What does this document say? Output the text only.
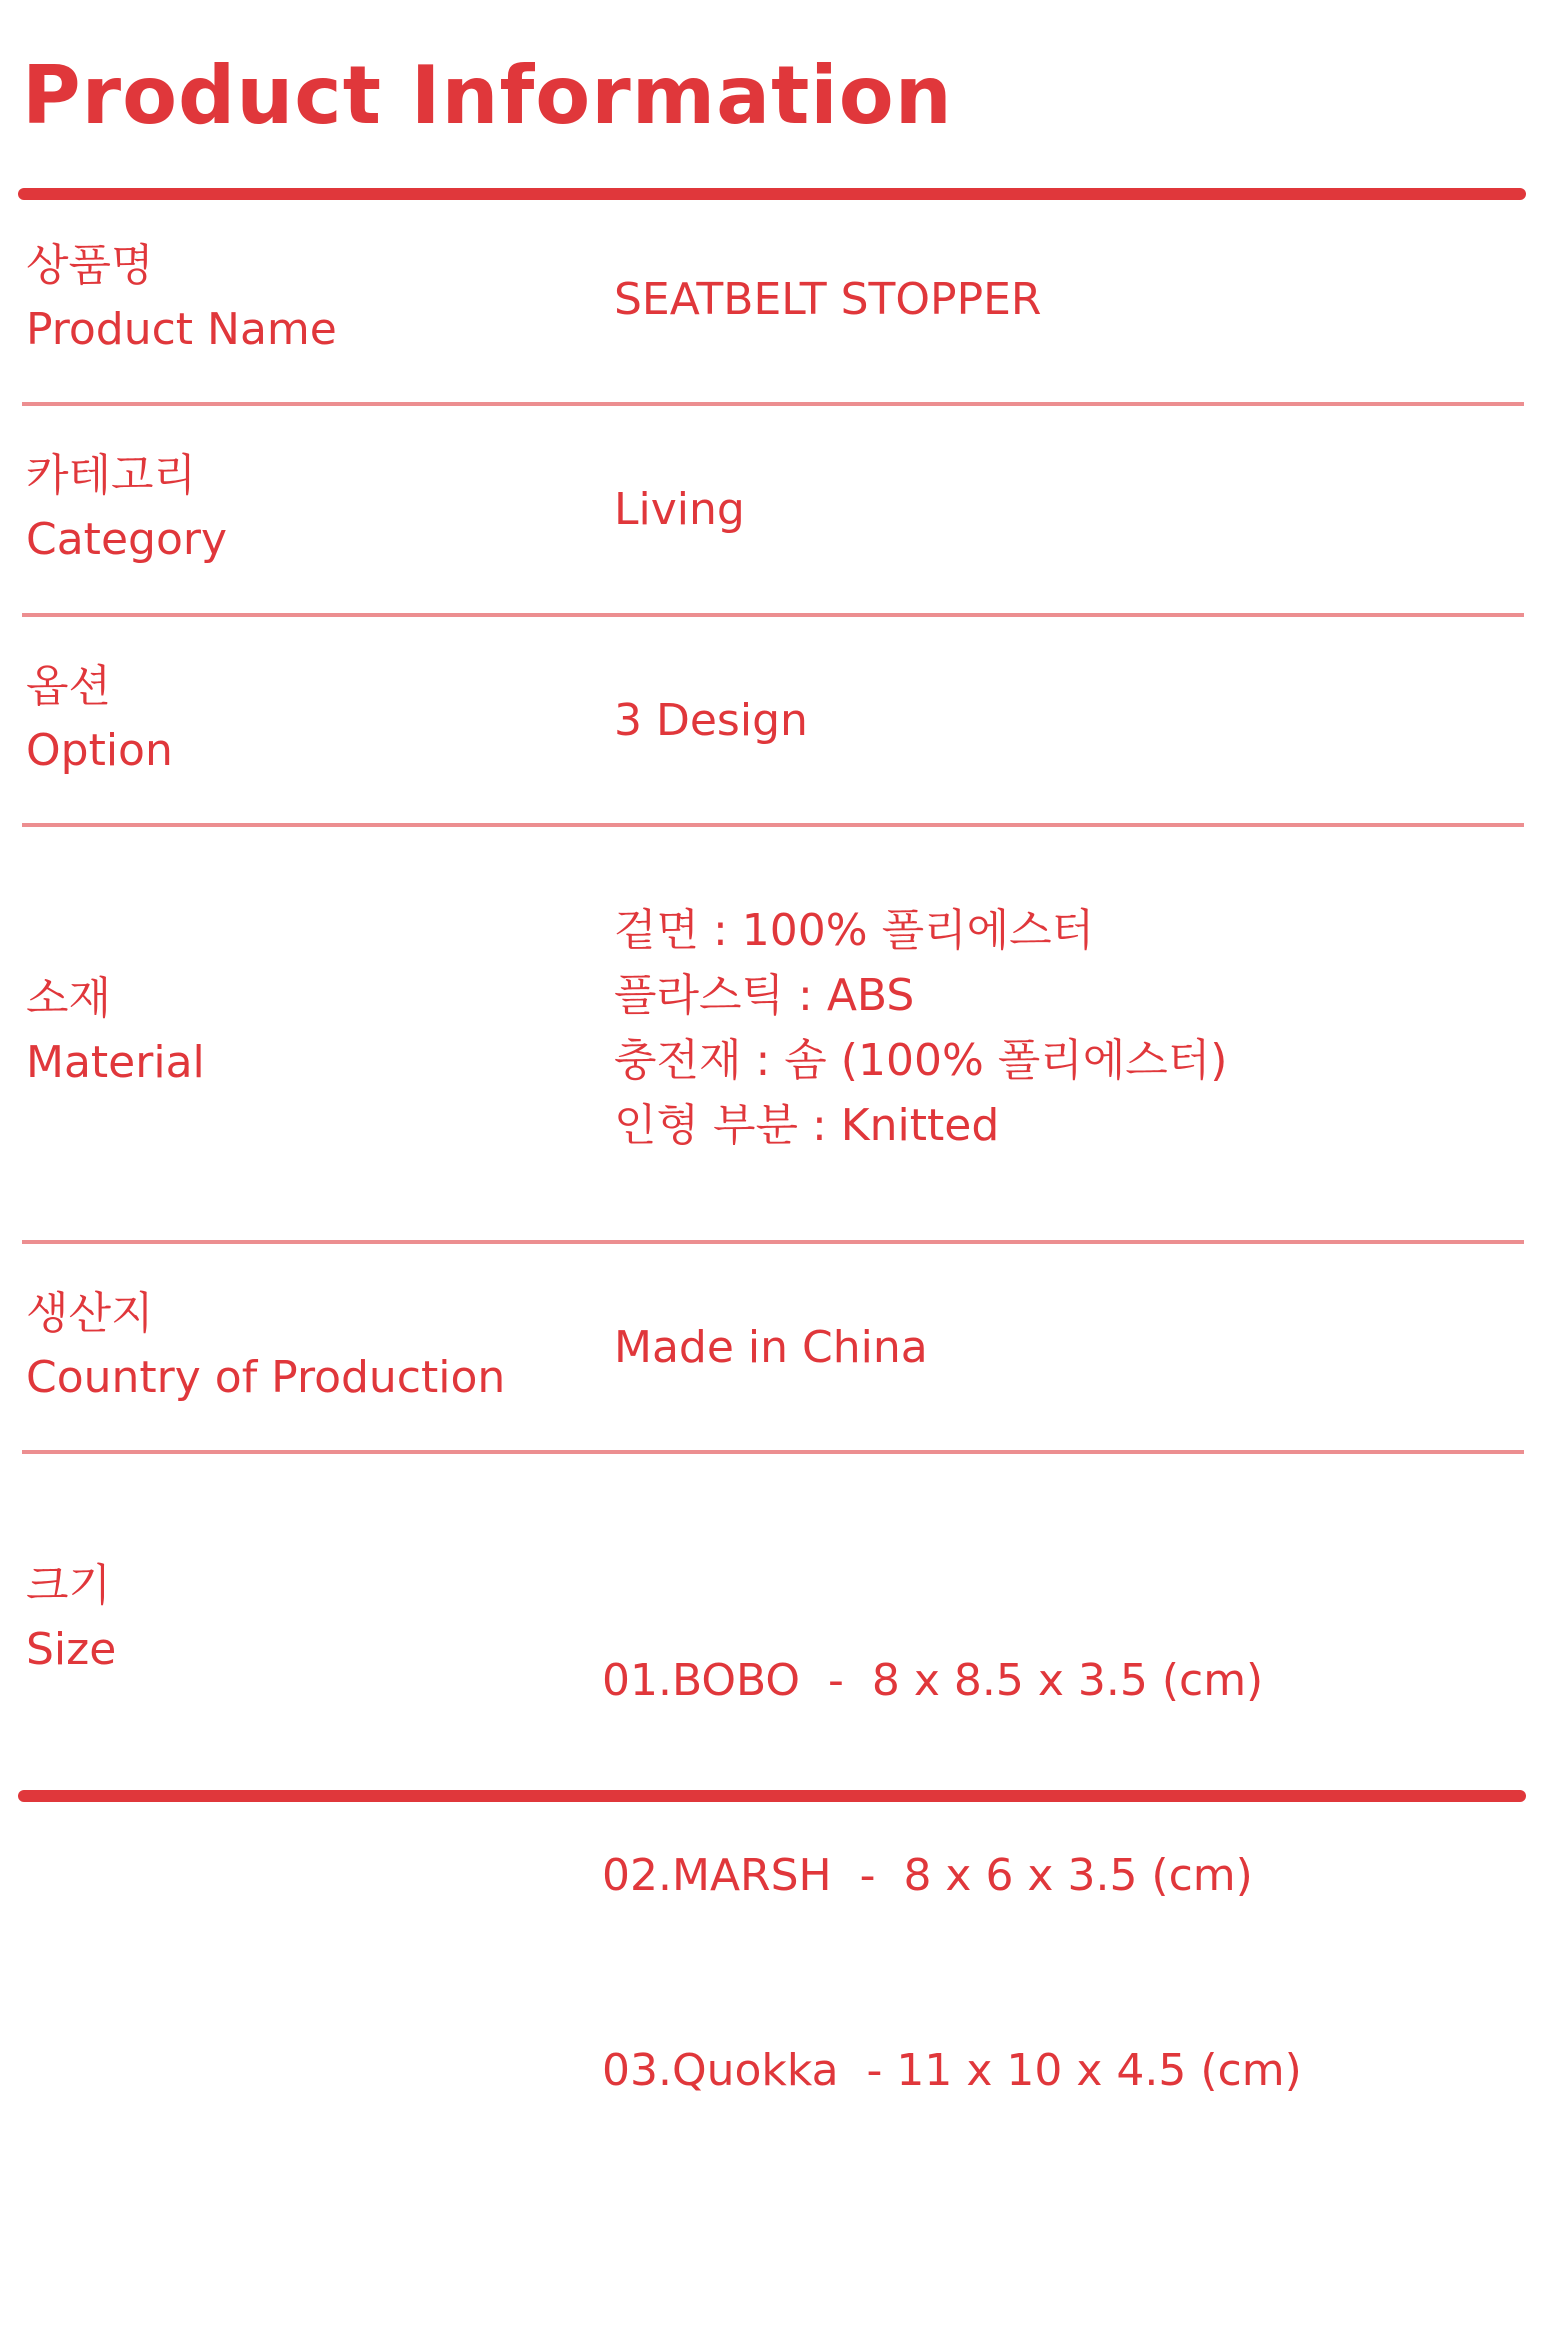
Product Information
상품명
Product Name
SEATBELT STOPPER
카테고리
Category
Living
옵션
Option
3 Design
소재
Material
겉면 : 100% 폴리에스터
플라스틱 : ABS
충전재 : 솜 (100% 폴리에스터)
인형 부분 : Knitted
생산지
Country of Production
Made in China
크기
Size

01.BOBO  -  8 x 8.5 x 3.5 (cm)

02.MARSH  -  8 x 6 x 3.5 (cm)

03.Quokka  - 11 x 10 x 4.5 (cm)
